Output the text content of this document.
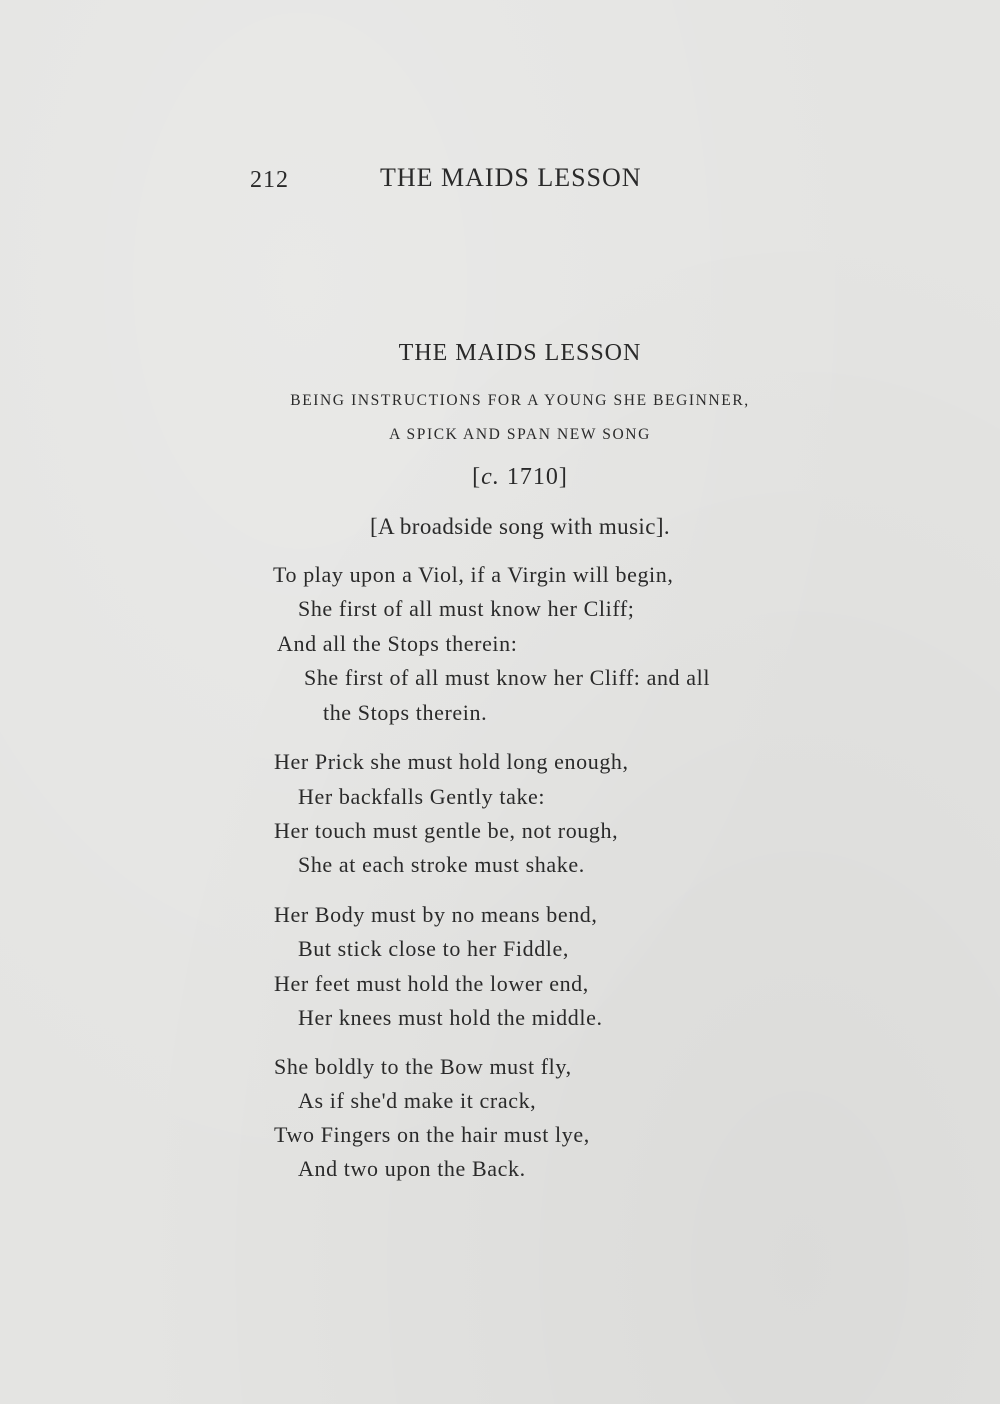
212	THE MAIDS LESSON
THE MAIDS LESSON
BEING INSTRUCTIONS FOR A YOUNG SHE BEGINNER,
A SPICK AND SPAN NEW SONG
[c. 1710]
[A broadside song with music].
To play upon a Viol, if a Virgin will begin,
She first of all must know her Cliff;
And all the Stops therein:
She first of all must know her Cliff: and all
the Stops therein.
Her Prick she must hold long enough,
Her backfalls Gently take:
Her touch must gentle be, not rough,
She at each stroke must shake.
Her Body must by no means bend,
But stick close to her Fiddle,
Her feet must hold the lower end,
Her knees must hold the middle.
She boldly to the Bow must fly,
As if she'd make it crack,
Two Fingers on the hair must lye,
And two upon the Back.
